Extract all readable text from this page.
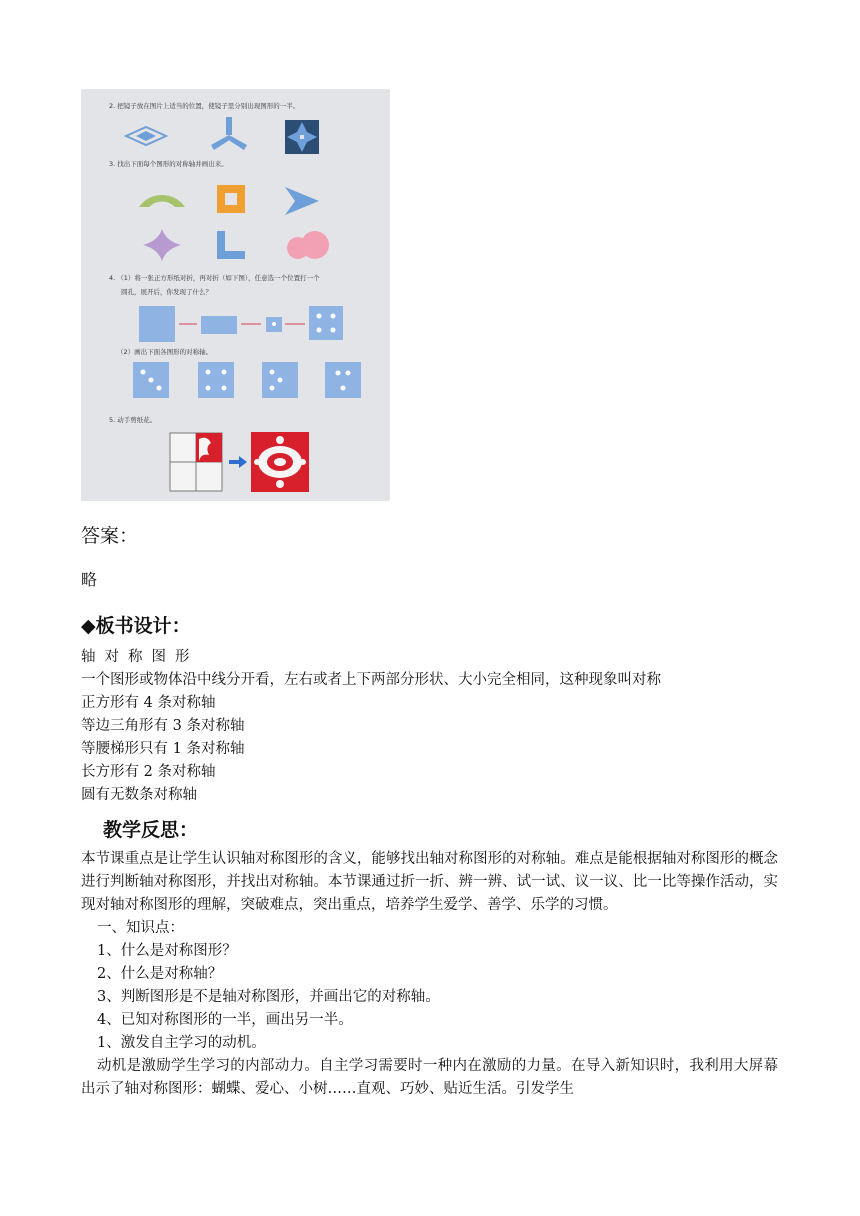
2. 把镜子放在图片上适当的位置，使镜子里分别出现图形的一半。
3. 找出下面每个图形的对称轴并画出来。
4. （1）将一张正方形纸对折，再对折（如下图），任意选一个位置打一个
圆孔，展开后，你发现了什么？
（2）画出下面各图形的对称轴。
5. 动手剪纸花。
答案：
略
◆板书设计：
轴对称图形
一个图形或物体沿中线分开看，左右或者上下两部分形状、大小完全相同，这种现象叫对称
正方形有 4 条对称轴
等边三角形有 3 条对称轴
等腰梯形只有 1 条对称轴
长方形有 2 条对称轴
圆有无数条对称轴
教学反思：

本节课重点是让学生认识轴对称图形的含义，能够找出轴对称图形的对称轴。难点是能根据轴对称图形的概念进行判断轴对称图形，并找出对称轴。本节课通过折一折、辨一辨、试一试、议一议、比一比等操作活动，实现对轴对称图形的理解，突破难点，突出重点，培养学生爱学、善学、乐学的习惯。

一、知识点：

1、什么是对称图形？

2、什么是对称轴？

3、判断图形是不是轴对称图形，并画出它的对称轴。

4、已知对称图形的一半，画出另一半。

1、激发自主学习的动机。

动机是激励学生学习的内部动力。自主学习需要时一种内在激励的力量。在导入新知识时，我利用大屏幕出示了轴对称图形：蝴蝶、爱心、小树……直观、巧妙、贴近生活。引发学生
